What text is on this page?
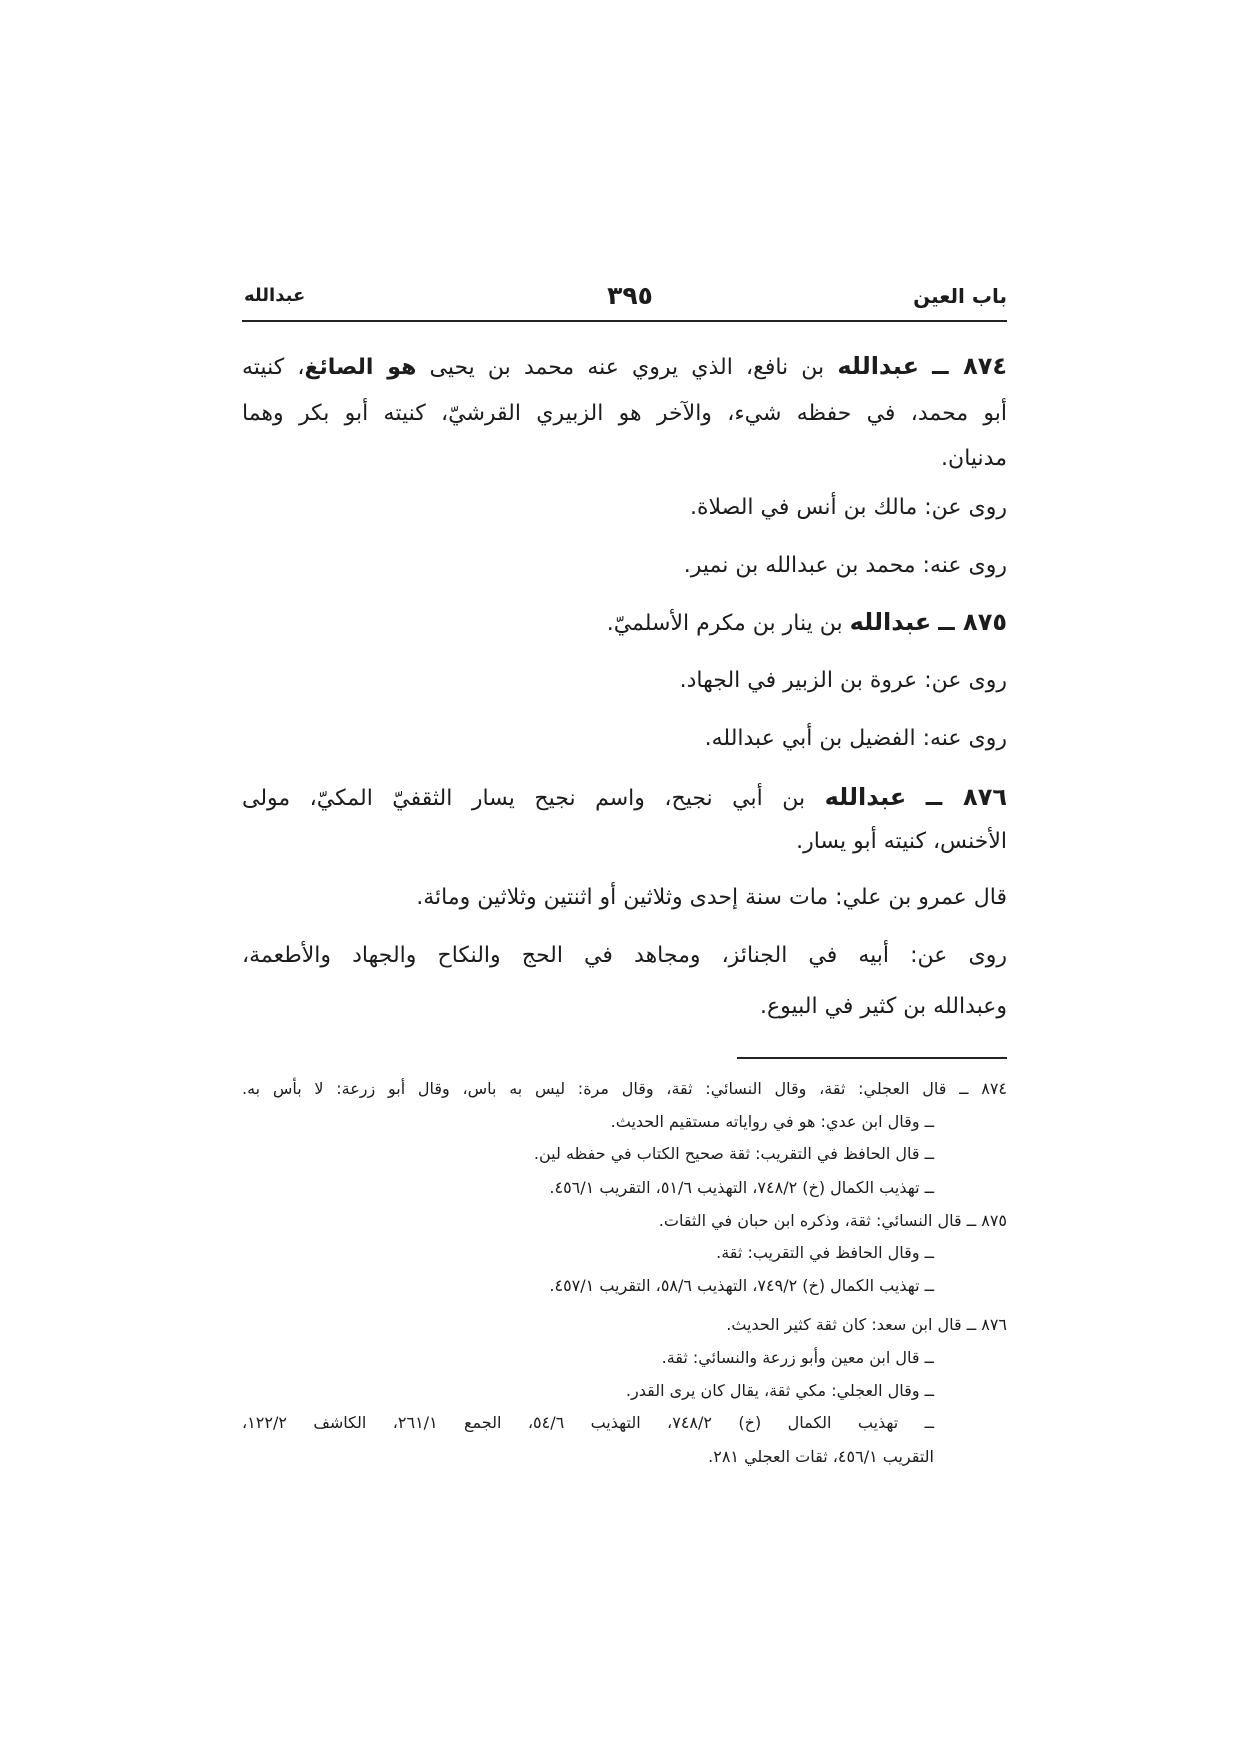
باب العين
٣٩٥
عبدالله
٨٧٤ ــ عبدالله بن نافع، الذي يروي عنه محمد بن يحيى هو الصائغ، كنيته
أبو محمد، في حفظه شيء، والآخر هو الزبيري القرشيّ، كنيته أبو بكر وهما
مدنيان.
روى عن: مالك بن أنس في الصلاة.
روى عنه: محمد بن عبدالله بن نمير.
٨٧٥ ــ عبدالله بن ينار بن مكرم الأسلميّ.
روى عن: عروة بن الزبير في الجهاد.
روى عنه: الفضيل بن أبي عبدالله.
٨٧٦ ــ عبدالله بن أبي نجيح، واسم نجيح يسار الثقفيّ المكيّ، مولى
الأخنس، كنيته أبو يسار.
قال عمرو بن علي: مات سنة إحدى وثلاثين أو اثنتين وثلاثين ومائة.
روى عن: أبيه في الجنائز، ومجاهد في الحج والنكاح والجهاد والأطعمة،
وعبدالله بن كثير في البيوع.
٨٧٤ ــ قال العجلي: ثقة، وقال النسائي: ثقة، وقال مرة: ليس به باس، وقال أبو زرعة: لا بأس به.
ــ وقال ابن عدي: هو في رواياته مستقيم الحديث.
ــ قال الحافظ في التقريب: ثقة صحيح الكتاب في حفظه لين.
ــ تهذيب الكمال (خ) ٧٤٨/٢، التهذيب ٥١/٦، التقريب ٤٥٦/١.
٨٧٥ ــ قال النسائي: ثقة، وذكره ابن حبان في الثقات.
ــ وقال الحافظ في التقريب: ثقة.
ــ تهذيب الكمال (خ) ٧٤٩/٢، التهذيب ٥٨/٦، التقريب ٤٥٧/١.
٨٧٦ ــ قال ابن سعد: كان ثقة كثير الحديث.
ــ قال ابن معين وأبو زرعة والنسائي: ثقة.
ــ وقال العجلي: مكي ثقة، يقال كان يرى القدر.
ــ تهذيب الكمال (خ) ٧٤٨/٢، التهذيب ٥٤/٦، الجمع ٢٦١/١، الكاشف ١٢٢/٢،
التقريب ٤٥٦/١، ثقات العجلي ٢٨١.
